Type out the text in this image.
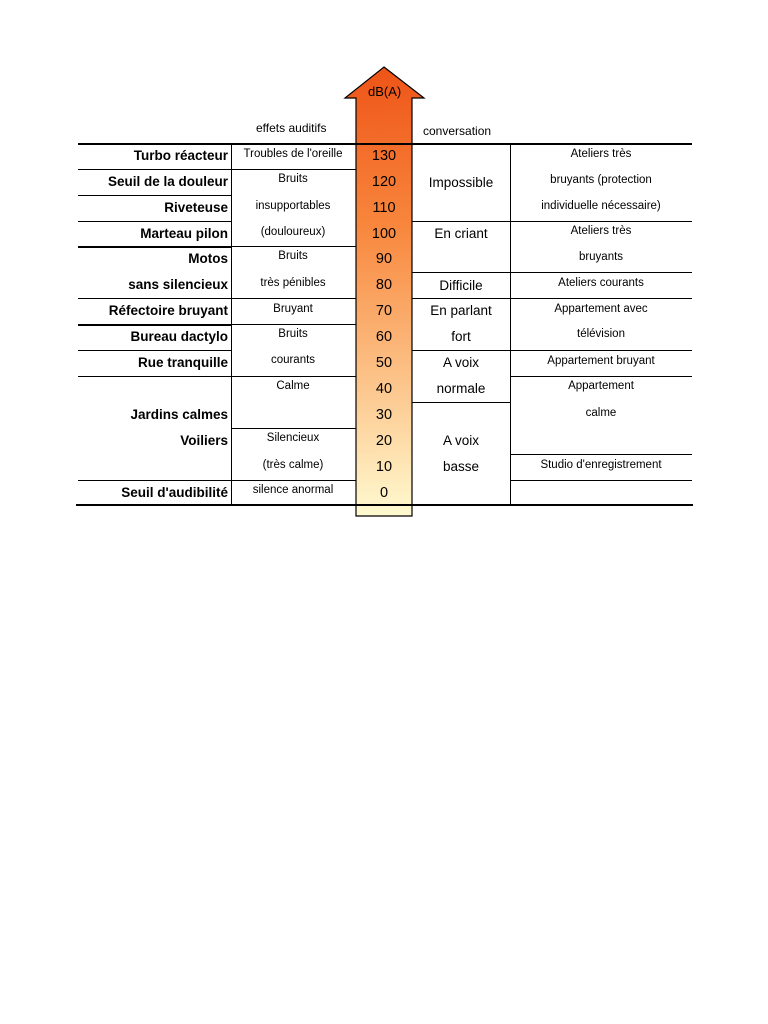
dB(A)
effets auditifs	conversation
130
120
110
100
90
80
70
60
50
40
30
20
10
0
Turbo réacteur
Seuil de la douleur
Riveteuse
Marteau pilon
Motos
sans silencieux
Réfectoire bruyant
Bureau dactylo
Rue tranquille
Jardins calmes
Voiliers
Seuil d'audibilité
Troubles de l'oreille
Bruits
insupportables
(douloureux)
Bruits
très pénibles
Bruyant
Bruits
courants
Calme
Silencieux
(très calme)
silence anormal
Impossible
En criant
Difficile
En parlant
fort
A voix
normale
A voix
basse
Ateliers très
bruyants (protection
individuelle nécessaire)
Ateliers très
bruyants
Ateliers courants
Appartement avec
télévision
Appartement bruyant
Appartement
calme
Studio d'enregistrement
